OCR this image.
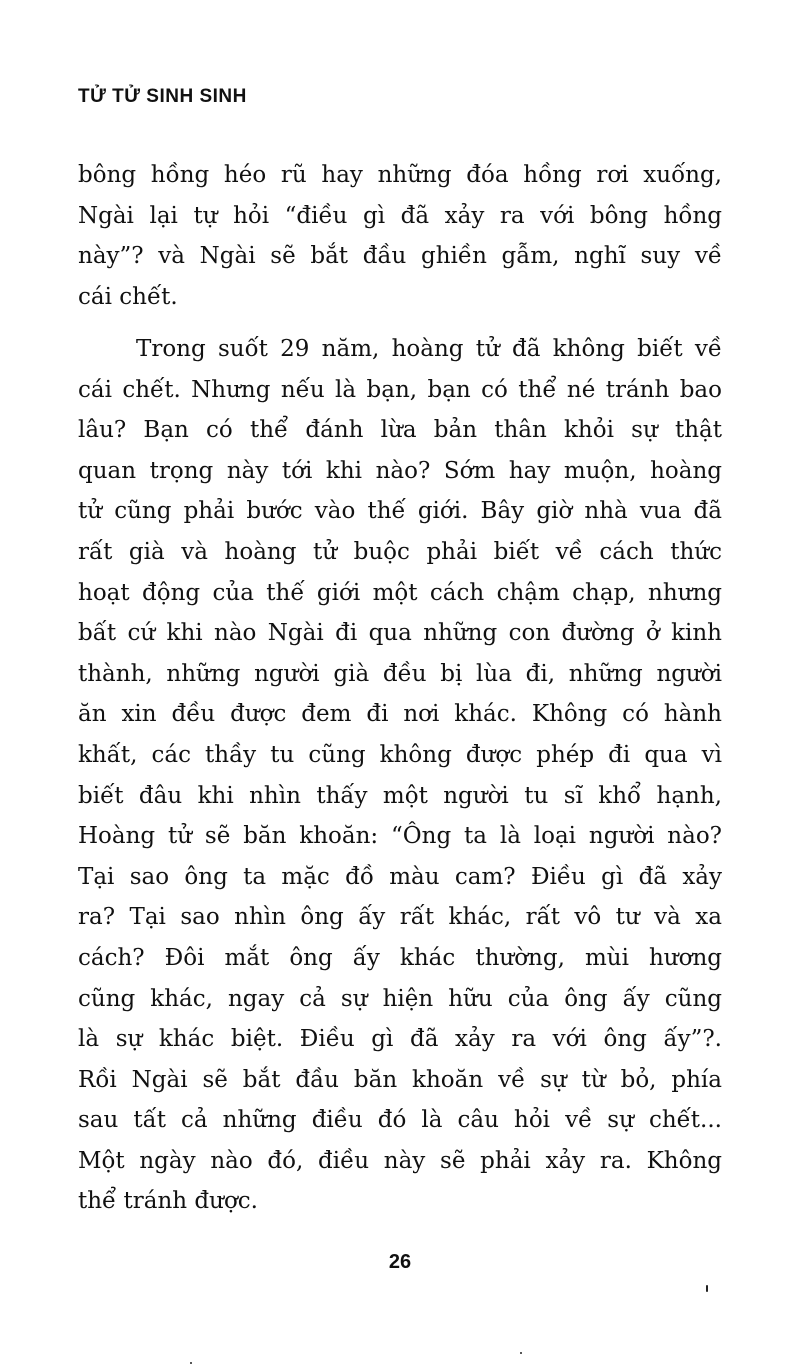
TỬ TỬ SINH SINH
bông hồng héo rũ hay những đóa hồng rơi xuống,
Ngài lại tự hỏi “điều gì đã xảy ra với bông hồng
này”? và Ngài sẽ bắt đầu ghiền gẫm, nghĩ suy về
cái chết.
Trong suốt 29 năm, hoàng tử đã không biết về
cái chết. Nhưng nếu là bạn, bạn có thể né tránh bao
lâu? Bạn có thể đánh lừa bản thân khỏi sự thật
quan trọng này tới khi nào? Sớm hay muộn, hoàng
tử cũng phải bước vào thế giới. Bây giờ nhà vua đã
rất già và hoàng tử buộc phải biết về cách thức
hoạt động của thế giới một cách chậm chạp, nhưng
bất cứ khi nào Ngài đi qua những con đường ở kinh
thành, những người già đều bị lùa đi, những người
ăn xin đều được đem đi nơi khác. Không có hành
khất, các thầy tu cũng không được phép đi qua vì
biết đâu khi nhìn thấy một người tu sĩ khổ hạnh,
Hoàng tử sẽ băn khoăn: “Ông ta là loại người nào?
Tại sao ông ta mặc đồ màu cam? Điều gì đã xảy
ra? Tại sao nhìn ông ấy rất khác, rất vô tư và xa
cách? Đôi mắt ông ấy khác thường, mùi hương
cũng khác, ngay cả sự hiện hữu của ông ấy cũng
là sự khác biệt. Điều gì đã xảy ra với ông ấy”?.
Rồi Ngài sẽ bắt đầu băn khoăn về sự từ bỏ, phía
sau tất cả những điều đó là câu hỏi về sự chết...
Một ngày nào đó, điều này sẽ phải xảy ra. Không
thể tránh được.
26
